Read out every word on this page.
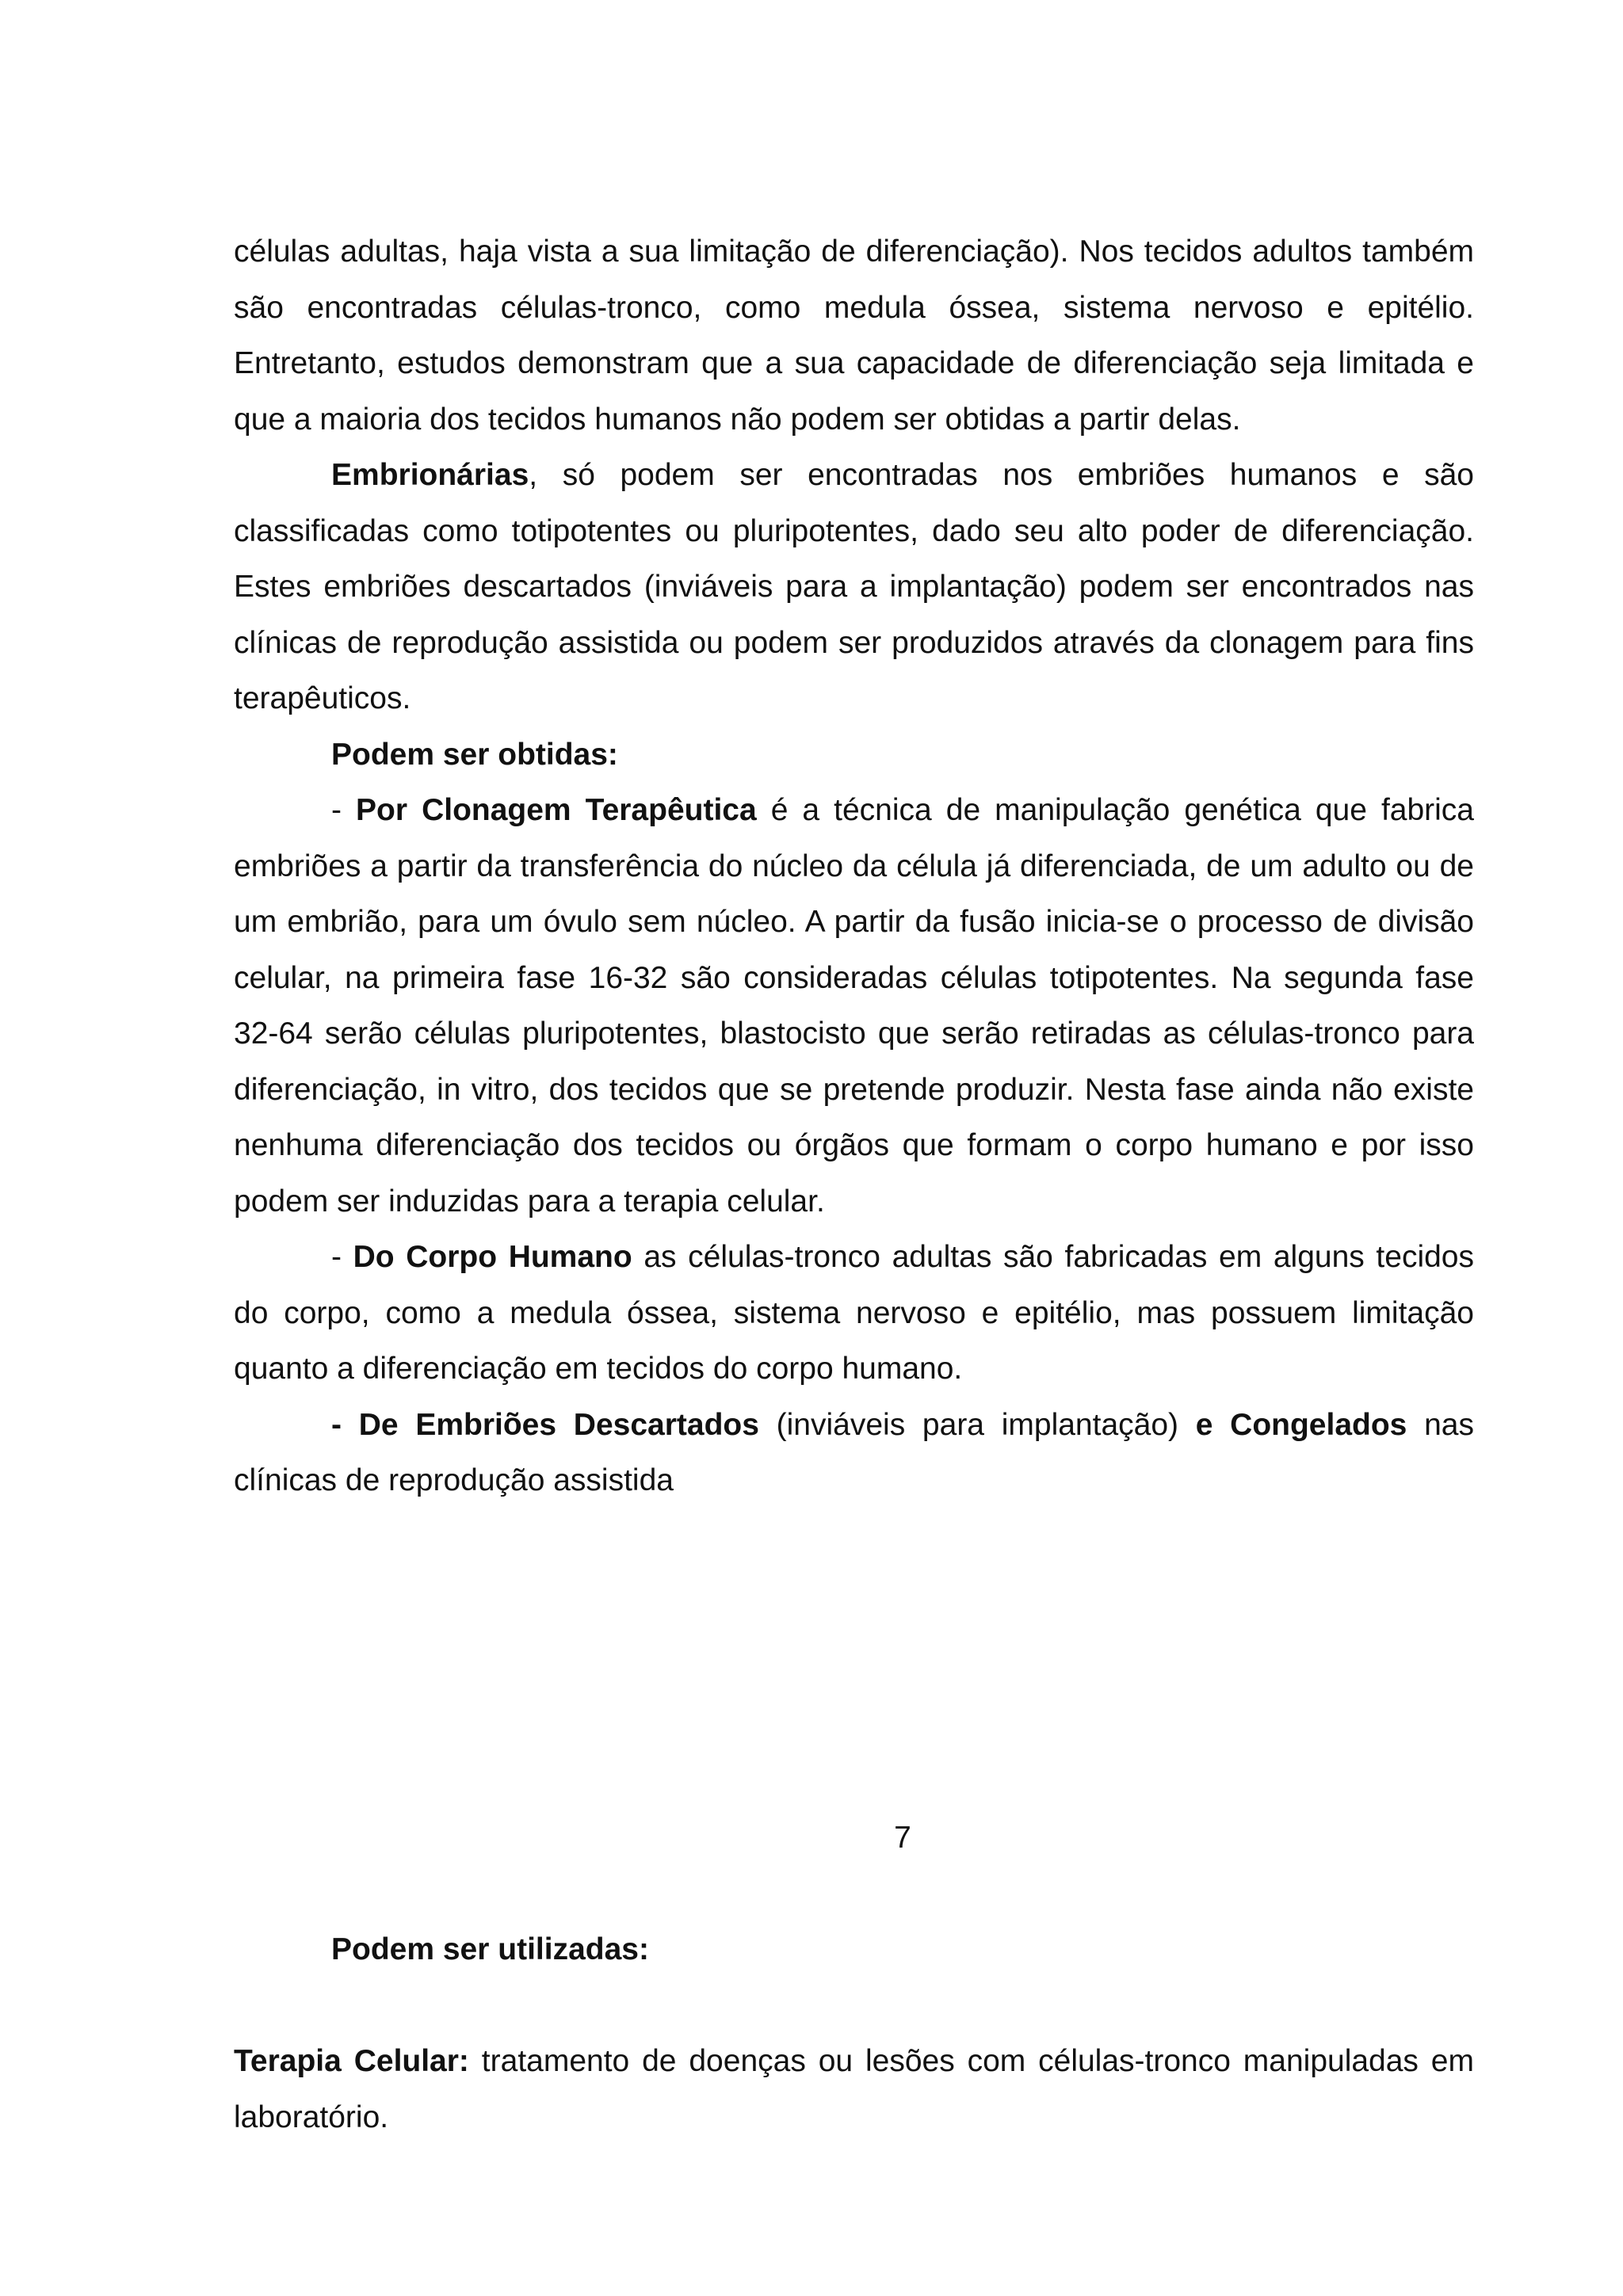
células adultas, haja vista a sua limitação de diferenciação). Nos tecidos adultos também são encontradas células-tronco, como medula óssea, sistema nervoso e epitélio. Entretanto, estudos demonstram que a sua capacidade de diferenciação seja limitada e que a maioria dos tecidos humanos não podem ser obtidas a partir delas.

Embrionárias, só podem ser encontradas nos embriões humanos e são classificadas como totipotentes ou pluripotentes, dado seu alto poder de diferenciação. Estes embriões descartados (inviáveis para a implantação) podem ser encontrados nas clínicas de reprodução assistida ou podem ser produzidos através da clonagem para fins terapêuticos.

Podem ser obtidas:

- Por Clonagem Terapêutica é a técnica de manipulação genética que fabrica embriões a partir da transferência do núcleo da célula já diferenciada, de um adulto ou de um embrião, para um óvulo sem núcleo. A partir da fusão inicia-se o processo de divisão celular, na primeira fase 16-32 são consideradas células totipotentes. Na segunda fase 32-64 serão células pluripotentes, blastocisto que serão retiradas as células-tronco para diferenciação, in vitro, dos tecidos que se pretende produzir. Nesta fase ainda não existe nenhuma diferenciação dos tecidos ou órgãos que formam o corpo humano e por isso podem ser induzidas para a terapia celular.

- Do Corpo Humano as células-tronco adultas são fabricadas em alguns tecidos do corpo, como a medula óssea, sistema nervoso e epitélio, mas possuem limitação quanto a diferenciação em tecidos do corpo humano.

- De Embriões Descartados (inviáveis para implantação) e Congelados nas clínicas de reprodução assistida

7
Podem ser utilizadas:

Terapia Celular: tratamento de doenças ou lesões com células-tronco manipuladas em laboratório.
